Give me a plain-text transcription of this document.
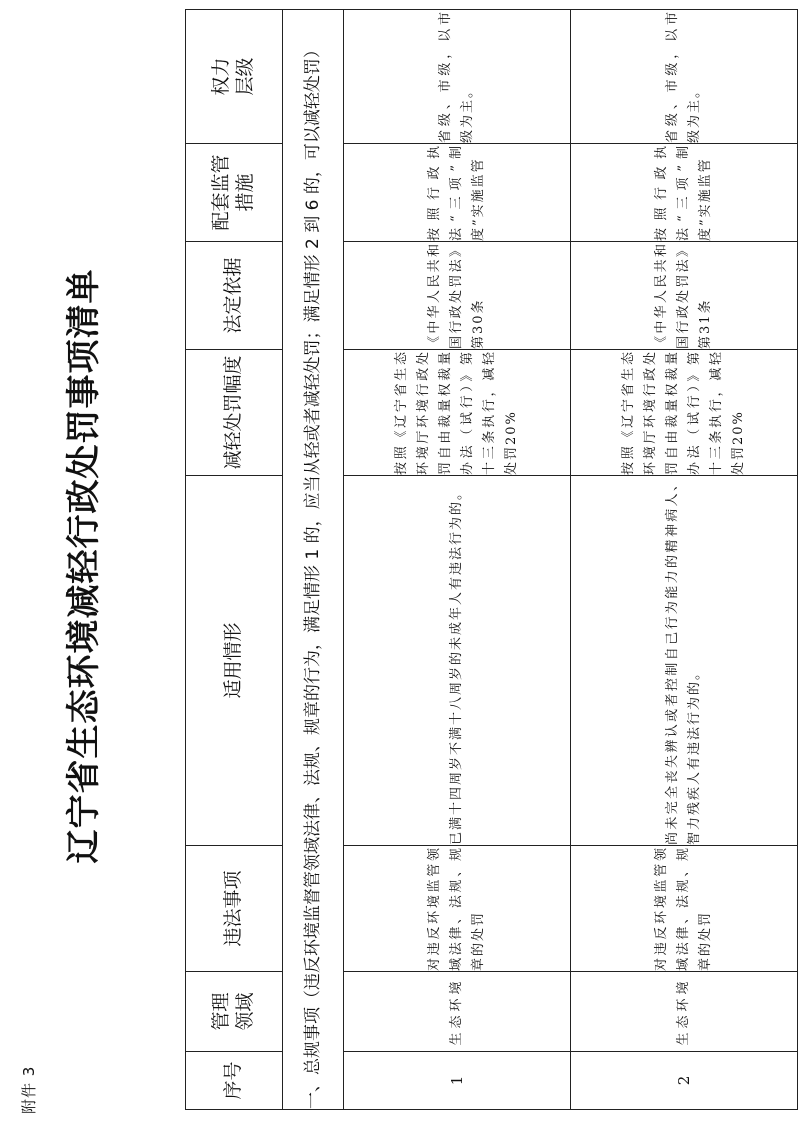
附件 3
辽宁省生态环境减轻行政处罚事项清单
序号	管理领域	违法事项	适用情形	减轻处罚幅度	法定依据	配套监管措施	权力层级
一、总规事项（违反环境监督管领域法律、法规、规章的行为，满足情形 1 的，应当从轻或者减轻处罚；满足情形 2 到 6 的，可以减轻处罚）							
1	生态环境	对违反环境监管领域法律、法规、规章的处罚	已满十四周岁不满十八周岁的未成年人有违法行为的。	按照《辽宁省生态环境厅环境行政处罚自由裁量权裁量办法（试行）》第十三条执行，减轻处罚20%	《中华人民共和国行政处罚法》第30条	按照行政执法“三项”制度”实施监管	省级、市级，以市级为主。
2	生态环境	对违反环境监管领域法律、法规、规章的处罚	尚未完全丧失辨认或者控制自己行为能力的精神病人、智力残疾人有违法行为的。	按照《辽宁省生态环境厅环境行政处罚自由裁量权裁量办法（试行）》第十三条执行，减轻处罚20%	《中华人民共和国行政处罚法》第31条	按照行政执法“三项”制度”实施监管	省级、市级，以市级为主。
